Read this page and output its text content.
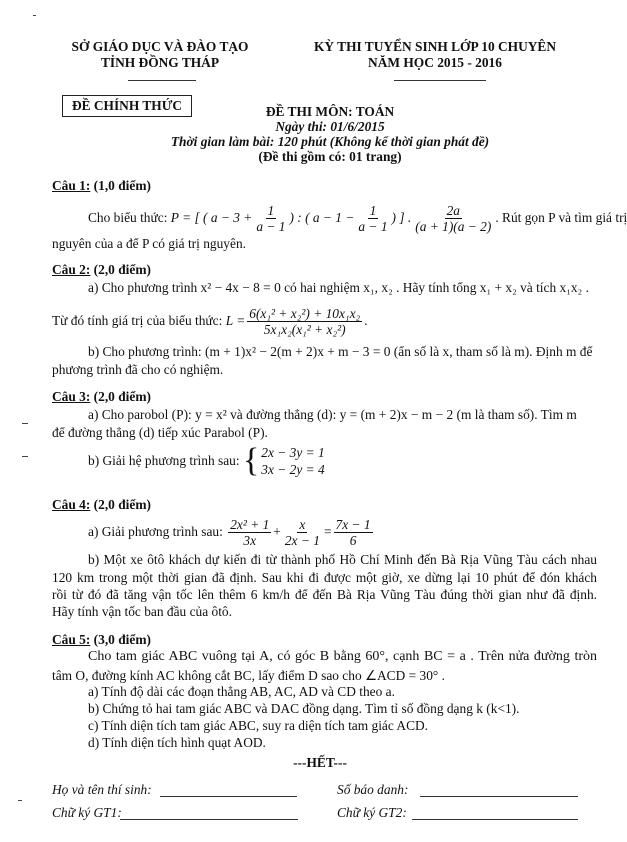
SỞ GIÁO DỤC VÀ ĐÀO TẠO
TỈNH ĐỒNG THÁP
KỲ THI TUYỂN SINH LỚP 10 CHUYÊN
NĂM HỌC 2015 - 2016
ĐỀ CHÍNH THỨC	ĐỀ THI MÔN: TOÁN
Ngày thi: 01/6/2015
Thời gian làm bài: 120 phút (Không kể thời gian phát đề)
(Đề thi gồm có: 01 trang)
Câu 1: (1,0 điểm)
Cho biểu thức:
P = [ ( $a - 3 + \frac{1}{a - 1}$ ) : ( $a - 1 - \frac{1}{a - 1}$ ) ] . $\frac{2a}{(a + 1)(a - 2)}$ . Rút gọn P và tìm giá trị
nguyên của a để P có giá trị nguyên.
Câu 2: (2,0 điểm)
a) Cho phương trình x² − 4x − 8 = 0 có hai nghiệm x₁, x₂ . Hãy tính tổng x₁ + x₂ và tích x₁x₂ .
Từ đó tính giá trị của biểu thức:
$L = \frac{\text{6(x₁² + x₂²) + 10x₁x₂}}{\text{5x₁x₂(x₁² + x₂²)}}$ .
b) Cho phương trình: (m + 1)x² − 2(m + 2)x + m − 3 = 0 (ẩn số là x, tham số là m). Định m để
phương trình đã cho có nghiệm.
Câu 3: (2,0 điểm)
a) Cho parobol (P): y = x² và đường thẳng (d): y = (m + 2)x − m − 2 (m là tham số). Tìm m
để đường thẳng (d) tiếp xúc Parabol (P).
b) Giải hệ phương trình sau:
{ 2x − 3y = 1
3x − 2y = 4
Câu 4: (2,0 điểm)
a) Giải phương trình sau:
$\frac{\text{2x² + 1}}{3x} + \frac{x}{2x - 1} = \frac{7x - 1}{6}$
b) Một xe ôtô khách dự kiến đi từ thành phố Hồ Chí Minh đến Bà Rịa Vũng Tàu cách nhau
120 km trong một thời gian đã định. Sau khi đi được một giờ, xe dừng lại 10 phút để đón khách
rồi từ đó đã tăng vận tốc lên thêm 6 km/h để đến Bà Rịa Vũng Tàu đúng thời gian như đã định.
Hãy tính vận tốc ban đầu của ôtô.
Câu 5: (3,0 điểm)
Cho tam giác ABC vuông tại A, có góc B bằng 60°, cạnh BC = a . Trên nửa đường tròn
tâm O, đường kính AC không cắt BC, lấy điểm D sao cho ∠ACD = 30° .
a) Tính độ dài các đoạn thẳng AB, AC, AD và CD theo a.
b) Chứng tỏ hai tam giác ABC và DAC đồng dạng. Tìm tỉ số đồng dạng k (k<1).
c) Tính diện tích tam giác ABC, suy ra diện tích tam giác ACD.
d) Tính diện tích hình quạt AOD.
---HẾT---
Họ và tên thí sinh:	Số báo danh:
Chữ ký GT1:	Chữ ký GT2:
